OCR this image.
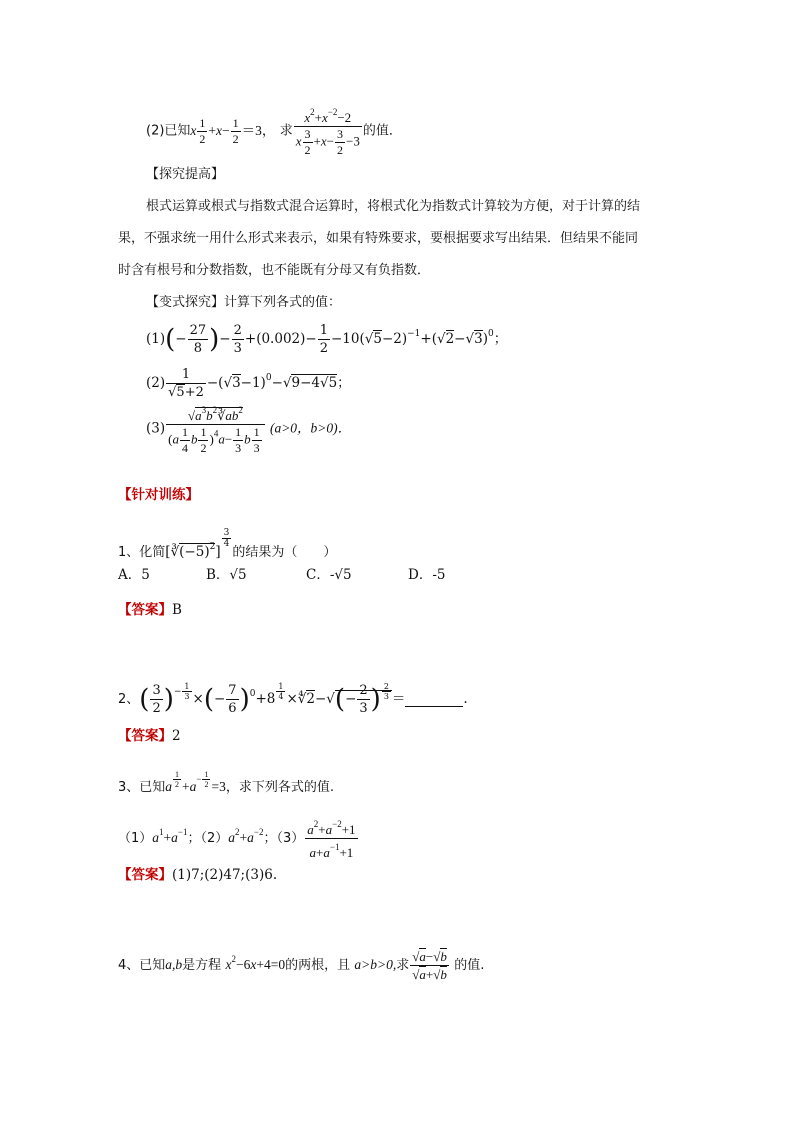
(2)已知x $\frac{1}{2} +x- \frac{1}{2} =3$， 求 $\frac{x^2+x^{-2}-2}{x \frac{3}{2} +x- \frac{3}{2} -3}$ 的值．
【探究提高】
根式运算或根式与指数式混合运算时，将根式化为指数式计算较为方便，对于计算的结
果，不强求统一用什么形式来表示，如果有特殊要求，要根据要求写出结果．但结果不能同
时含有根号和分数指数，也不能既有分母又有负指数．
【变式探究】计算下列各式的值：
$(1)(- \frac{27}{8}$ )− $\frac{2}{3} +(0.002)- \frac{1}{2} -10(√5-2)^{-1}+(√2-√3)^0$；
$(2) \frac{1}{√5+2} -(√3-1)^0-√9-4√5$；
$(3) \frac{√a^3b^2∛ab^2}{(a \frac{1}{4} b \frac{1}{2} )^4a- \frac{1}{3} b \frac{1}{3}} (a>0$，b>0)．
【针对训练】
1、化简$[∛(-5)^2]$
$\frac{3}{4}$
的结果为（　　）
A．5	B．√5	C．-√5	D．-5
【答案】B
2、( $\frac{3}{2} )^{- \frac{1}{3}}$ ×(− $\frac{7}{6} )^0+8$ $^{\frac{1}{4}}$ ×∜2−√(− $\frac{2}{3}$ ) $^{\frac{2}{3}}$ ＝	.
【答案】2
3、已知a $^{\frac{1}{2}} +a^{- \frac{1}{2}} =3$，求下列各式的值.
$(1)a^1+a^{-1}$；$(2)a^2+a^{-2}$；$(3) \frac{a^2+a^{-2}+1}{a+a^{-1}+1}$
【答案】(1)7;(2)47;(3)6.
4、已知a,b是方程 $x^2-6x+4=0$的两根，且 a>b>0,求 $\frac{√a-√b}{√a+√b}$ 的值.
